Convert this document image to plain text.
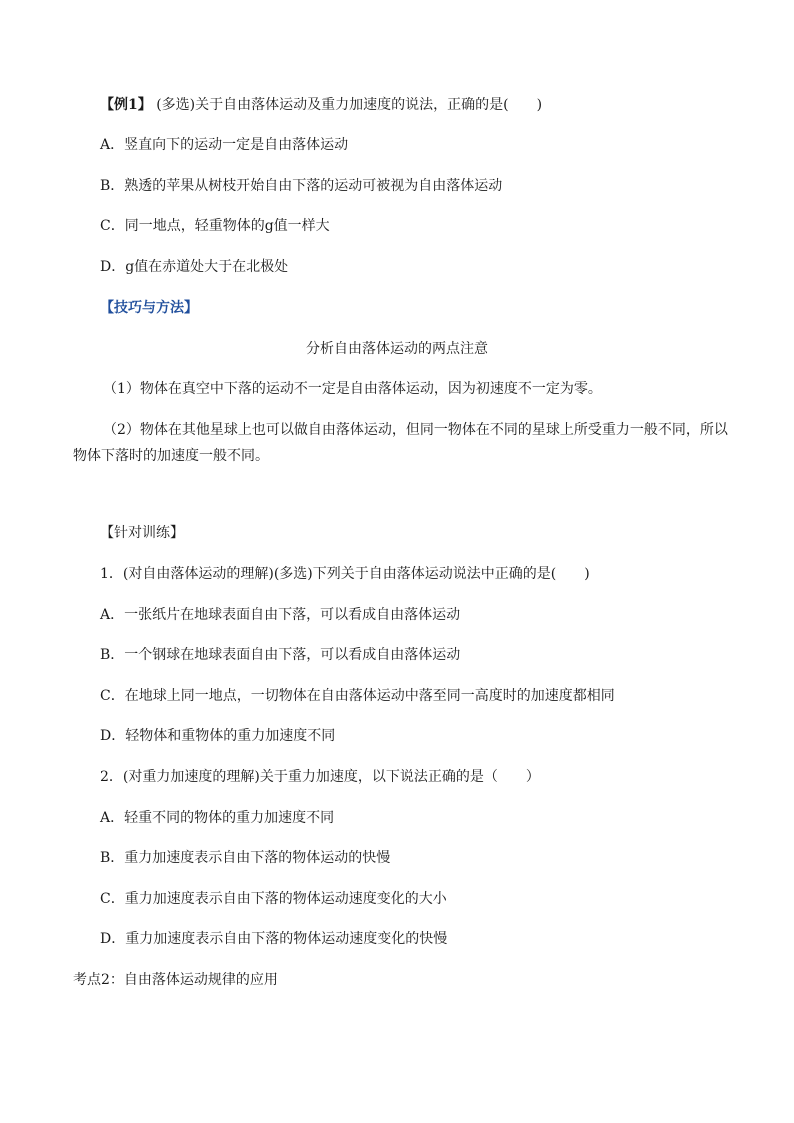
【例1】 (多选)关于自由落体运动及重力加速度的说法，正确的是(　　)
A．竖直向下的运动一定是自由落体运动
B．熟透的苹果从树枝开始自由下落的运动可被视为自由落体运动
C．同一地点，轻重物体的g值一样大
D．g值在赤道处大于在北极处
【技巧与方法】
分析自由落体运动的两点注意
（1）物体在真空中下落的运动不一定是自由落体运动，因为初速度不一定为零。
（2）物体在其他星球上也可以做自由落体运动，但同一物体在不同的星球上所受重力一般不同，所以
物体下落时的加速度一般不同。
【针对训练】
1．(对自由落体运动的理解)(多选)下列关于自由落体运动说法中正确的是(　　)
A．一张纸片在地球表面自由下落，可以看成自由落体运动
B．一个钢球在地球表面自由下落，可以看成自由落体运动
C．在地球上同一地点，一切物体在自由落体运动中落至同一高度时的加速度都相同
D．轻物体和重物体的重力加速度不同
2．(对重力加速度的理解)关于重力加速度，以下说法正确的是（　　）
A．轻重不同的物体的重力加速度不同
B．重力加速度表示自由下落的物体运动的快慢
C．重力加速度表示自由下落的物体运动速度变化的大小
D．重力加速度表示自由下落的物体运动速度变化的快慢
考点2：自由落体运动规律的应用
